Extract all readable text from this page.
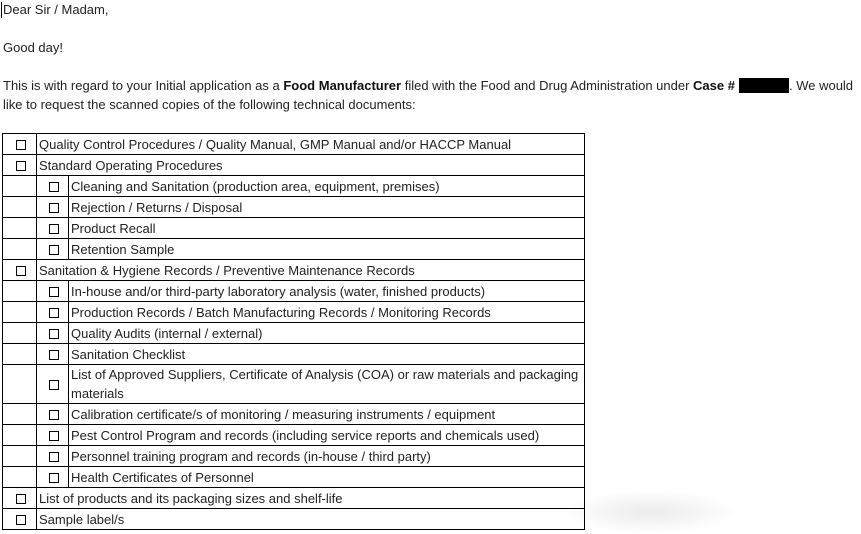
Dear Sir / Madam,
Good day!
This is with regard to your Initial application as a Food Manufacturer filed with the Food and Drug Administration under Case #	. We would like to request the scanned copies of the following technical documents:
	Quality Control Procedures / Quality Manual, GMP Manual and/or HACCP Manual	
	Standard Operating Procedures	
		Cleaning and Sanitation (production area, equipment, premises)
		Rejection / Returns / Disposal
		Product Recall
		Retention Sample
	Sanitation & Hygiene Records / Preventive Maintenance Records	
		In-house and/or third-party laboratory analysis (water, finished products)
		Production Records / Batch Manufacturing Records / Monitoring Records
		Quality Audits (internal / external)
		Sanitation Checklist
		List of Approved Suppliers, Certificate of Analysis (COA) or raw materials and packaging materials
		Calibration certificate/s of monitoring / measuring instruments / equipment
		Pest Control Program and records (including service reports and chemicals used)
		Personnel training program and records (in-house / third party)
		Health Certificates of Personnel
	List of products and its packaging sizes and shelf-life	
	Sample label/s	
